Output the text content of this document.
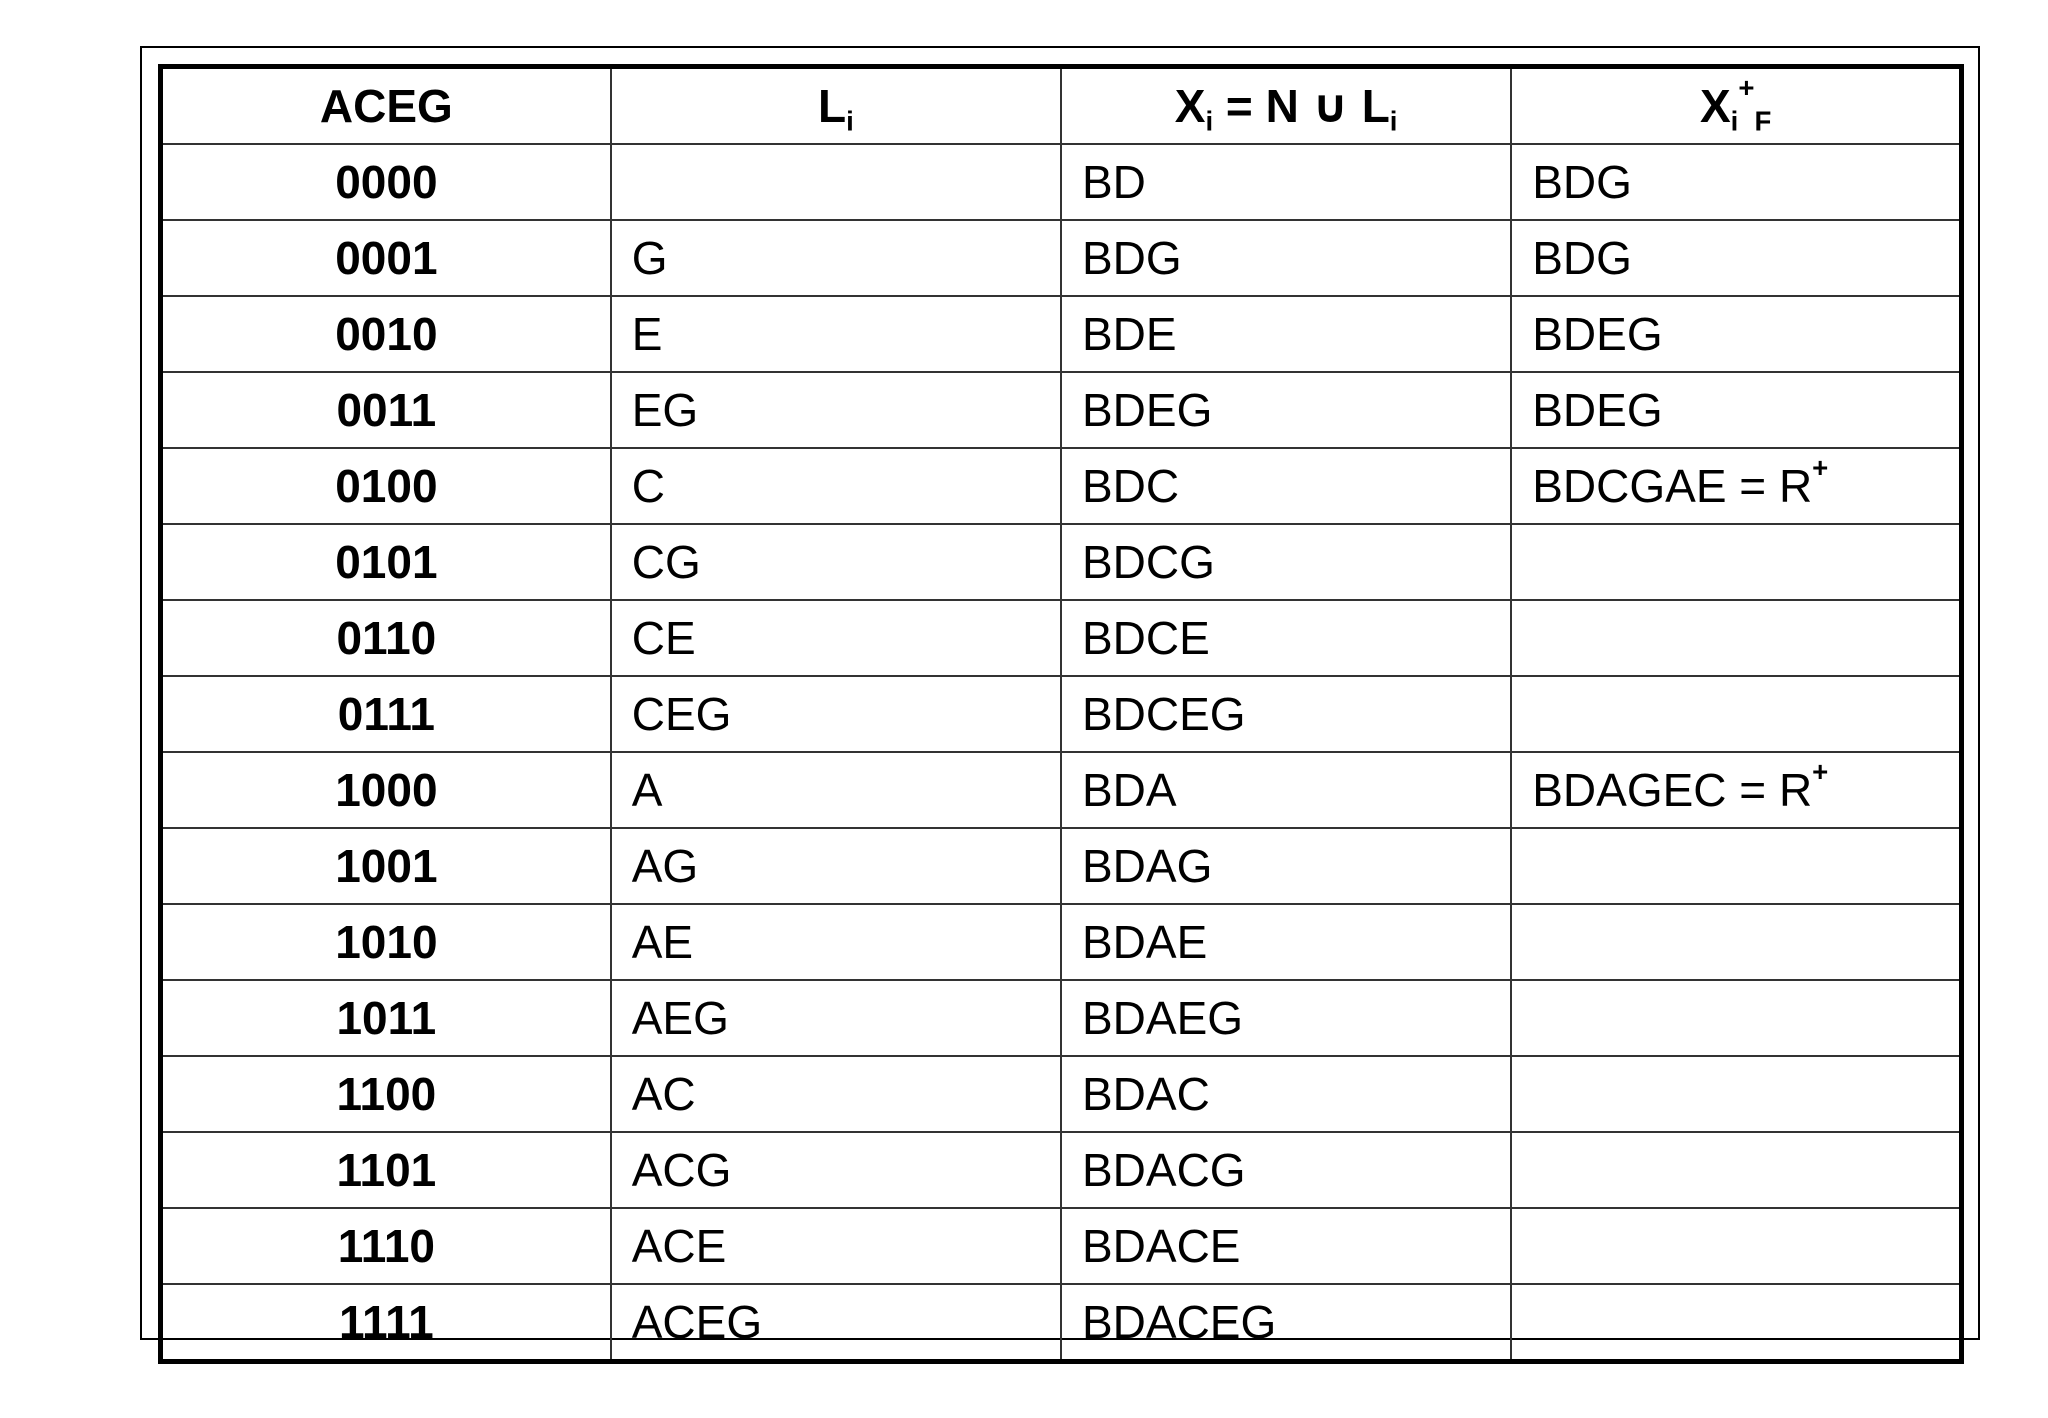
ACEG	$L_i$	$X_i = N$ ∪ $L_i$	$X_i^+_F$
0000		BD	BDG
0001	G	BDG	BDG
0010	E	BDE	BDEG
0011	EG	BDEG	BDEG
0100	C	BDC	BDCGAE = R+
0101	CG	BDCG	
0110	CE	BDCE	
0111	CEG	BDCEG	
1000	A	BDA	BDAGEC = R+
1001	AG	BDAG	
1010	AE	BDAE	
1011	AEG	BDAEG	
1100	AC	BDAC	
1101	ACG	BDACG	
1110	ACE	BDACE	
1111	ACEG	BDACEG	
